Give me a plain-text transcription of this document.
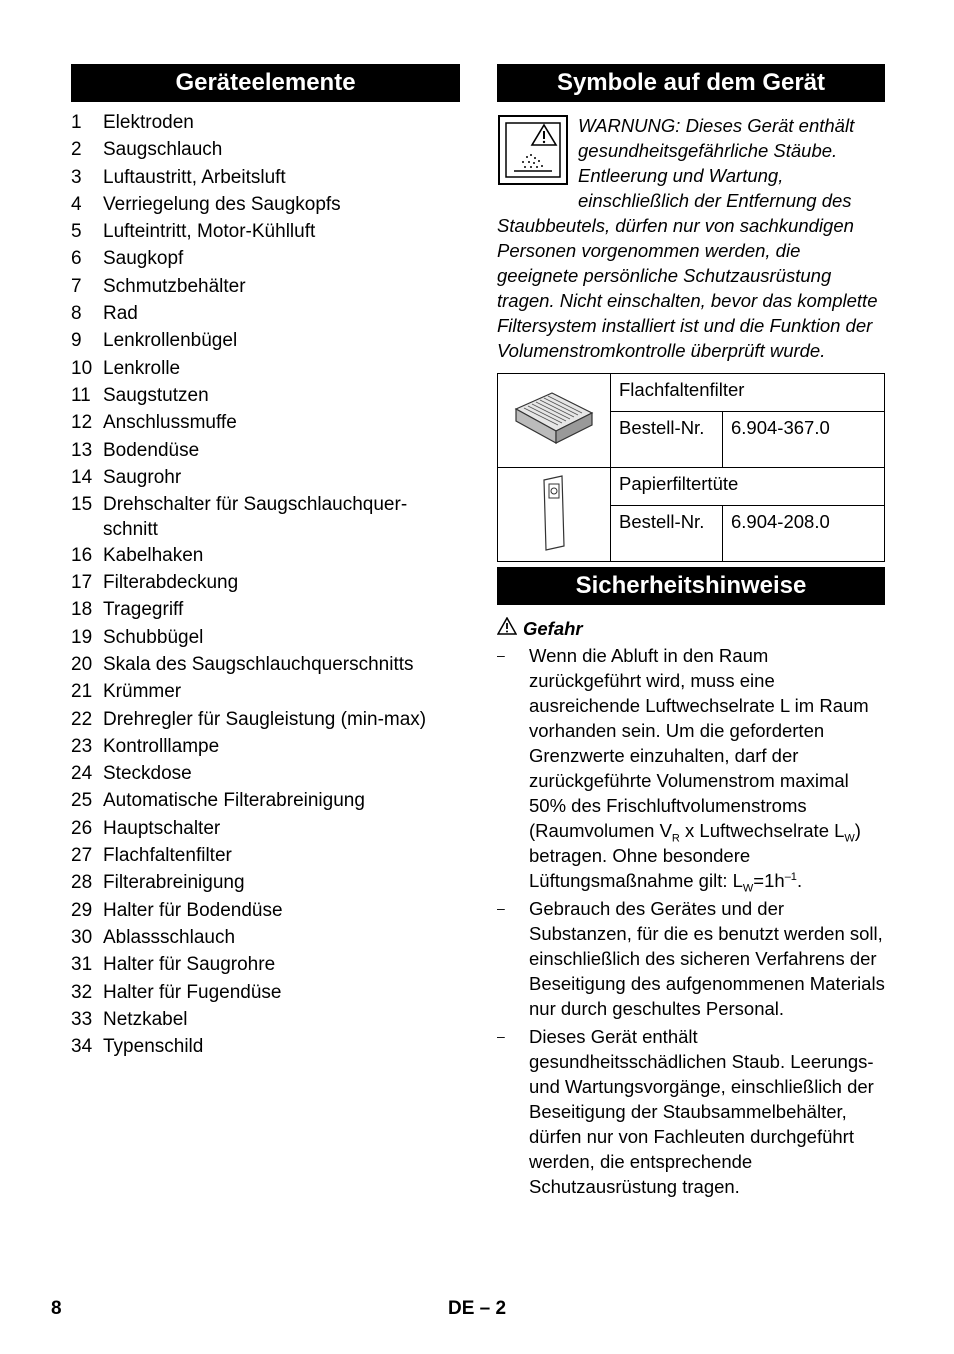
Geräteelemente
1	Elektroden
2	Saugschlauch
3	Luftaustritt, Arbeitsluft
4	Verriegelung des Saugkopfs
5	Lufteintritt, Motor-Kühlluft
6	Saugkopf
7	Schmutzbehälter
8	Rad
9	Lenkrollenbügel
10 Lenkrolle
11 Saugstutzen
12 Anschlussmuffe
13 Bodendüse
14 Saugrohr
15 Drehschalter für Saugschlauchquer-schnitt
16 Kabelhaken
17 Filterabdeckung
18 Tragegriff
19 Schubbügel
20 Skala des Saugschlauchquerschnitts
21 Krümmer
22 Drehregler für Saugleistung (min-max)
23 Kontrolllampe
24 Steckdose
25 Automatische Filterabreinigung
26 Hauptschalter
27 Flachfaltenfilter
28 Filterabreinigung
29 Halter für Bodendüse
30 Ablassschlauch
31 Halter für Saugrohre
32 Halter für Fugendüse
33 Netzkabel
34 Typenschild
Symbole auf dem Gerät
WARNUNG: Dieses Gerät enthält gesundheitsgefährliche Stäube. Entleerung und Wartung, einschließlich der Entfernung des Staubbeutels, dürfen nur von sachkundigen Personen vorgenommen werden, die geeignete persönliche Schutzausrüstung tragen. Nicht einschalten, bevor das komplette Filtersystem installiert ist und die Funktion der Volumenstromkontrolle überprüft wurde.
	Flachfaltenfilter	
	Bestell-Nr.	6.904-367.0
	Papierfiltertüte	
	Bestell-Nr.	6.904-208.0
Sicherheitshinweise
Gefahr
–	Wenn die Abluft in den Raum zurückgeführt wird, muss eine ausreichende Luftwechselrate L im Raum vorhanden sein. Um die geforderten Grenzwerte einzuhalten, darf der zurückgeführte Volumenstrom maximal 50% des Frischluftvolumenstroms (Raumvolumen $V_R$ x Luftwechselrate $L_W$) betragen. Ohne besondere Lüftungsmaßnahme gilt: $L_W=1h^{-1}$.
–	Gebrauch des Gerätes und der Substanzen, für die es benutzt werden soll, einschließlich des sicheren Verfahrens der Beseitigung des aufgenommenen Materials nur durch geschultes Personal.
–	Dieses Gerät enthält gesundheitsschädlichen Staub. Leerungs- und Wartungsvorgänge, einschließlich der Beseitigung der Staubsammelbehälter, dürfen nur von Fachleuten durchgeführt werden, die entsprechende Schutzausrüstung tragen.
8	DE – 2
